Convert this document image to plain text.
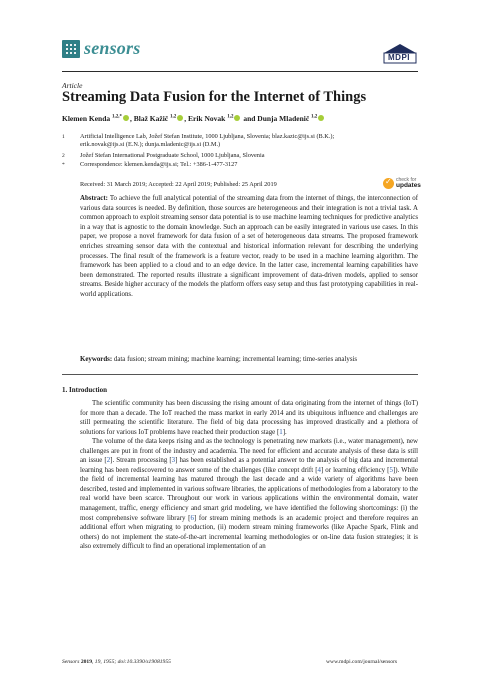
sensors	MDPI
Article
Streaming Data Fusion for the Internet of Things
Klemen Kenda $^{1,2,*}$ , Blaž Kažič $^{1,2}$ , Erik Novak $^{1,2}$ and Dunja Mladenič $^{1,2}$
1 Artificial Intelligence Lab, Jožef Stefan Institute, 1000 Ljubljana, Slovenia; blaz.kazic@ijs.si (B.K.);
erik.novak@ijs.si (E.N.); dunja.mladenic@ijs.si (D.M.)
2 Jožef Stefan International Postgraduate School, 1000 Ljubljana, Slovenia
* Correspondence: klemen.kenda@ijs.si; Tel.: +386-1-477-3127
Received: 31 March 2019; Accepted: 22 April 2019; Published: 25 April 2019
✓
check for
updates
Abstract: To achieve the full analytical potential of the streaming data from the internet of things, the interconnection of various data sources is needed. By definition, those sources are heterogeneous and their integration is not a trivial task. A common approach to exploit streaming sensor data potential is to use machine learning techniques for predictive analytics in a way that is agnostic to the domain knowledge. Such an approach can be easily integrated in various use cases. In this paper, we propose a novel framework for data fusion of a set of heterogeneous data streams. The proposed framework enriches streaming sensor data with the contextual and historical information relevant for describing the underlying processes. The final result of the framework is a feature vector, ready to be used in a machine learning algorithm. The framework has been applied to a cloud and to an edge device. In the latter case, incremental learning capabilities have been demonstrated. The reported results illustrate a significant improvement of data-driven models, applied to sensor streams. Beside higher accuracy of the models the platform offers easy setup and thus fast prototyping capabilities in real-world applications.
Keywords: data fusion; stream mining; machine learning; incremental learning; time-series analysis
1. Introduction

The scientific community has been discussing the rising amount of data originating from the internet of things (IoT) for more than a decade. The IoT reached the mass market in early 2014 and its ubiquitous influence and challenges are still permeating the scientific literature. The field of big data processing has improved drastically and a plethora of solutions for various IoT problems have reached their production stage [1].

The volume of the data keeps rising and as the technology is penetrating new markets (i.e., water management), new challenges are put in front of the industry and academia. The need for efficient and accurate analysis of these data is still an issue [2]. Stream processing [3] has been established as a potential answer to the analysis of big data and incremental learning has been rediscovered to answer some of the challenges (like concept drift [4] or learning efficiency [5]). While the field of incremental learning has matured through the last decade and a wide variety of algorithms have been described, tested and implemented in various software libraries, the applications of methodologies from a laboratory to the real world have been scarce. Throughout our work in various applications within the environmental domain, water management, traffic, energy efficiency and smart grid modeling, we have identified the following shortcomings: (i) the most comprehensive software library [6] for stream mining methods is an academic project and therefore requires an additional effort when migrating to production, (ii) modern stream mining frameworks (like Apache Spark, Flink and others) do not implement the state-of-the-art incremental learning methodologies or on-line data fusion strategies; it is also extremely difficult to find an operational implementation of an

Sensors 2019, 19, 1955; doi:10.3390/s19081955	www.mdpi.com/journal/sensors
